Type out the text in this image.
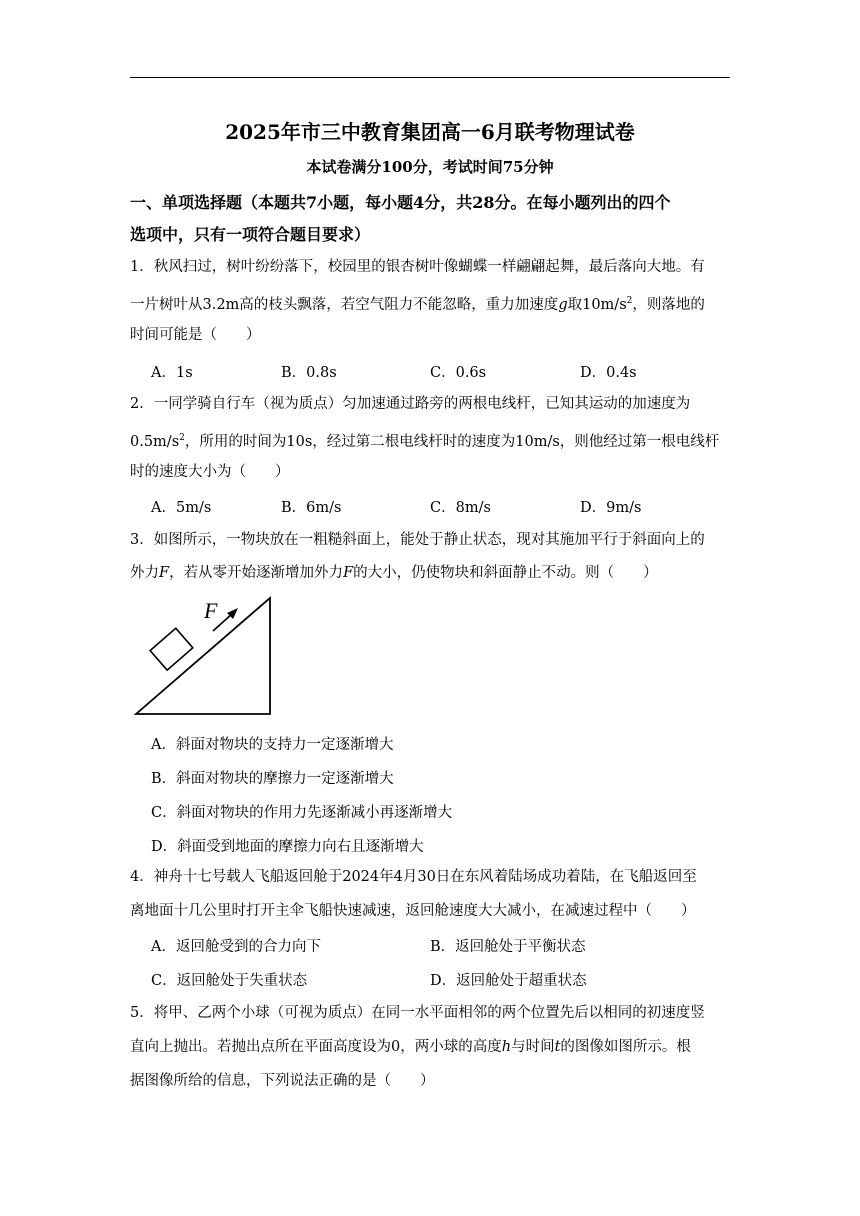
2025年市三中教育集团高一6月联考物理试卷
本试卷满分100分，考试时间75分钟
一、单项选择题（本题共7小题，每小题4分，共28分。在每小题列出的四个
选项中，只有一项符合题目要求）
1．秋风扫过，树叶纷纷落下，校园里的银杏树叶像蝴蝶一样翩翩起舞，最后落向大地。有
一片树叶从3.2m高的枝头飘落，若空气阻力不能忽略，重力加速度g取$10m/s^2$，则落地的
时间可能是（　　）
A．1s	B．0.8s	C．0.6s	D．0.4s
2．一同学骑自行车（视为质点）匀加速通过路旁的两根电线杆，已知其运动的加速度为
$0.5m/s^2$，所用的时间为10s，经过第二根电线杆时的速度为10m/s，则他经过第一根电线杆
时的速度大小为（　　）
A．5m/s	B．6m/s	C．8m/s	D．9m/s
3．如图所示，一物块放在一粗糙斜面上，能处于静止状态，现对其施加平行于斜面向上的
外力F，若从零开始逐渐增加外力F的大小，仍使物块和斜面静止不动。则（　　）
F
A．斜面对物块的支持力一定逐渐增大
B．斜面对物块的摩擦力一定逐渐增大
C．斜面对物块的作用力先逐渐减小再逐渐增大
D．斜面受到地面的摩擦力向右且逐渐增大
4．神舟十七号载人飞船返回舱于2024年4月30日在东风着陆场成功着陆，在飞船返回至
离地面十几公里时打开主伞飞船快速减速，返回舱速度大大减小，在减速过程中（　　）
A．返回舱受到的合力向下	B．返回舱处于平衡状态
C．返回舱处于失重状态	D．返回舱处于超重状态
5．将甲、乙两个小球（可视为质点）在同一水平面相邻的两个位置先后以相同的初速度竖
直向上抛出。若抛出点所在平面高度设为0，两小球的高度h与时间t的图像如图所示。根
据图像所给的信息，下列说法正确的是（　　）
